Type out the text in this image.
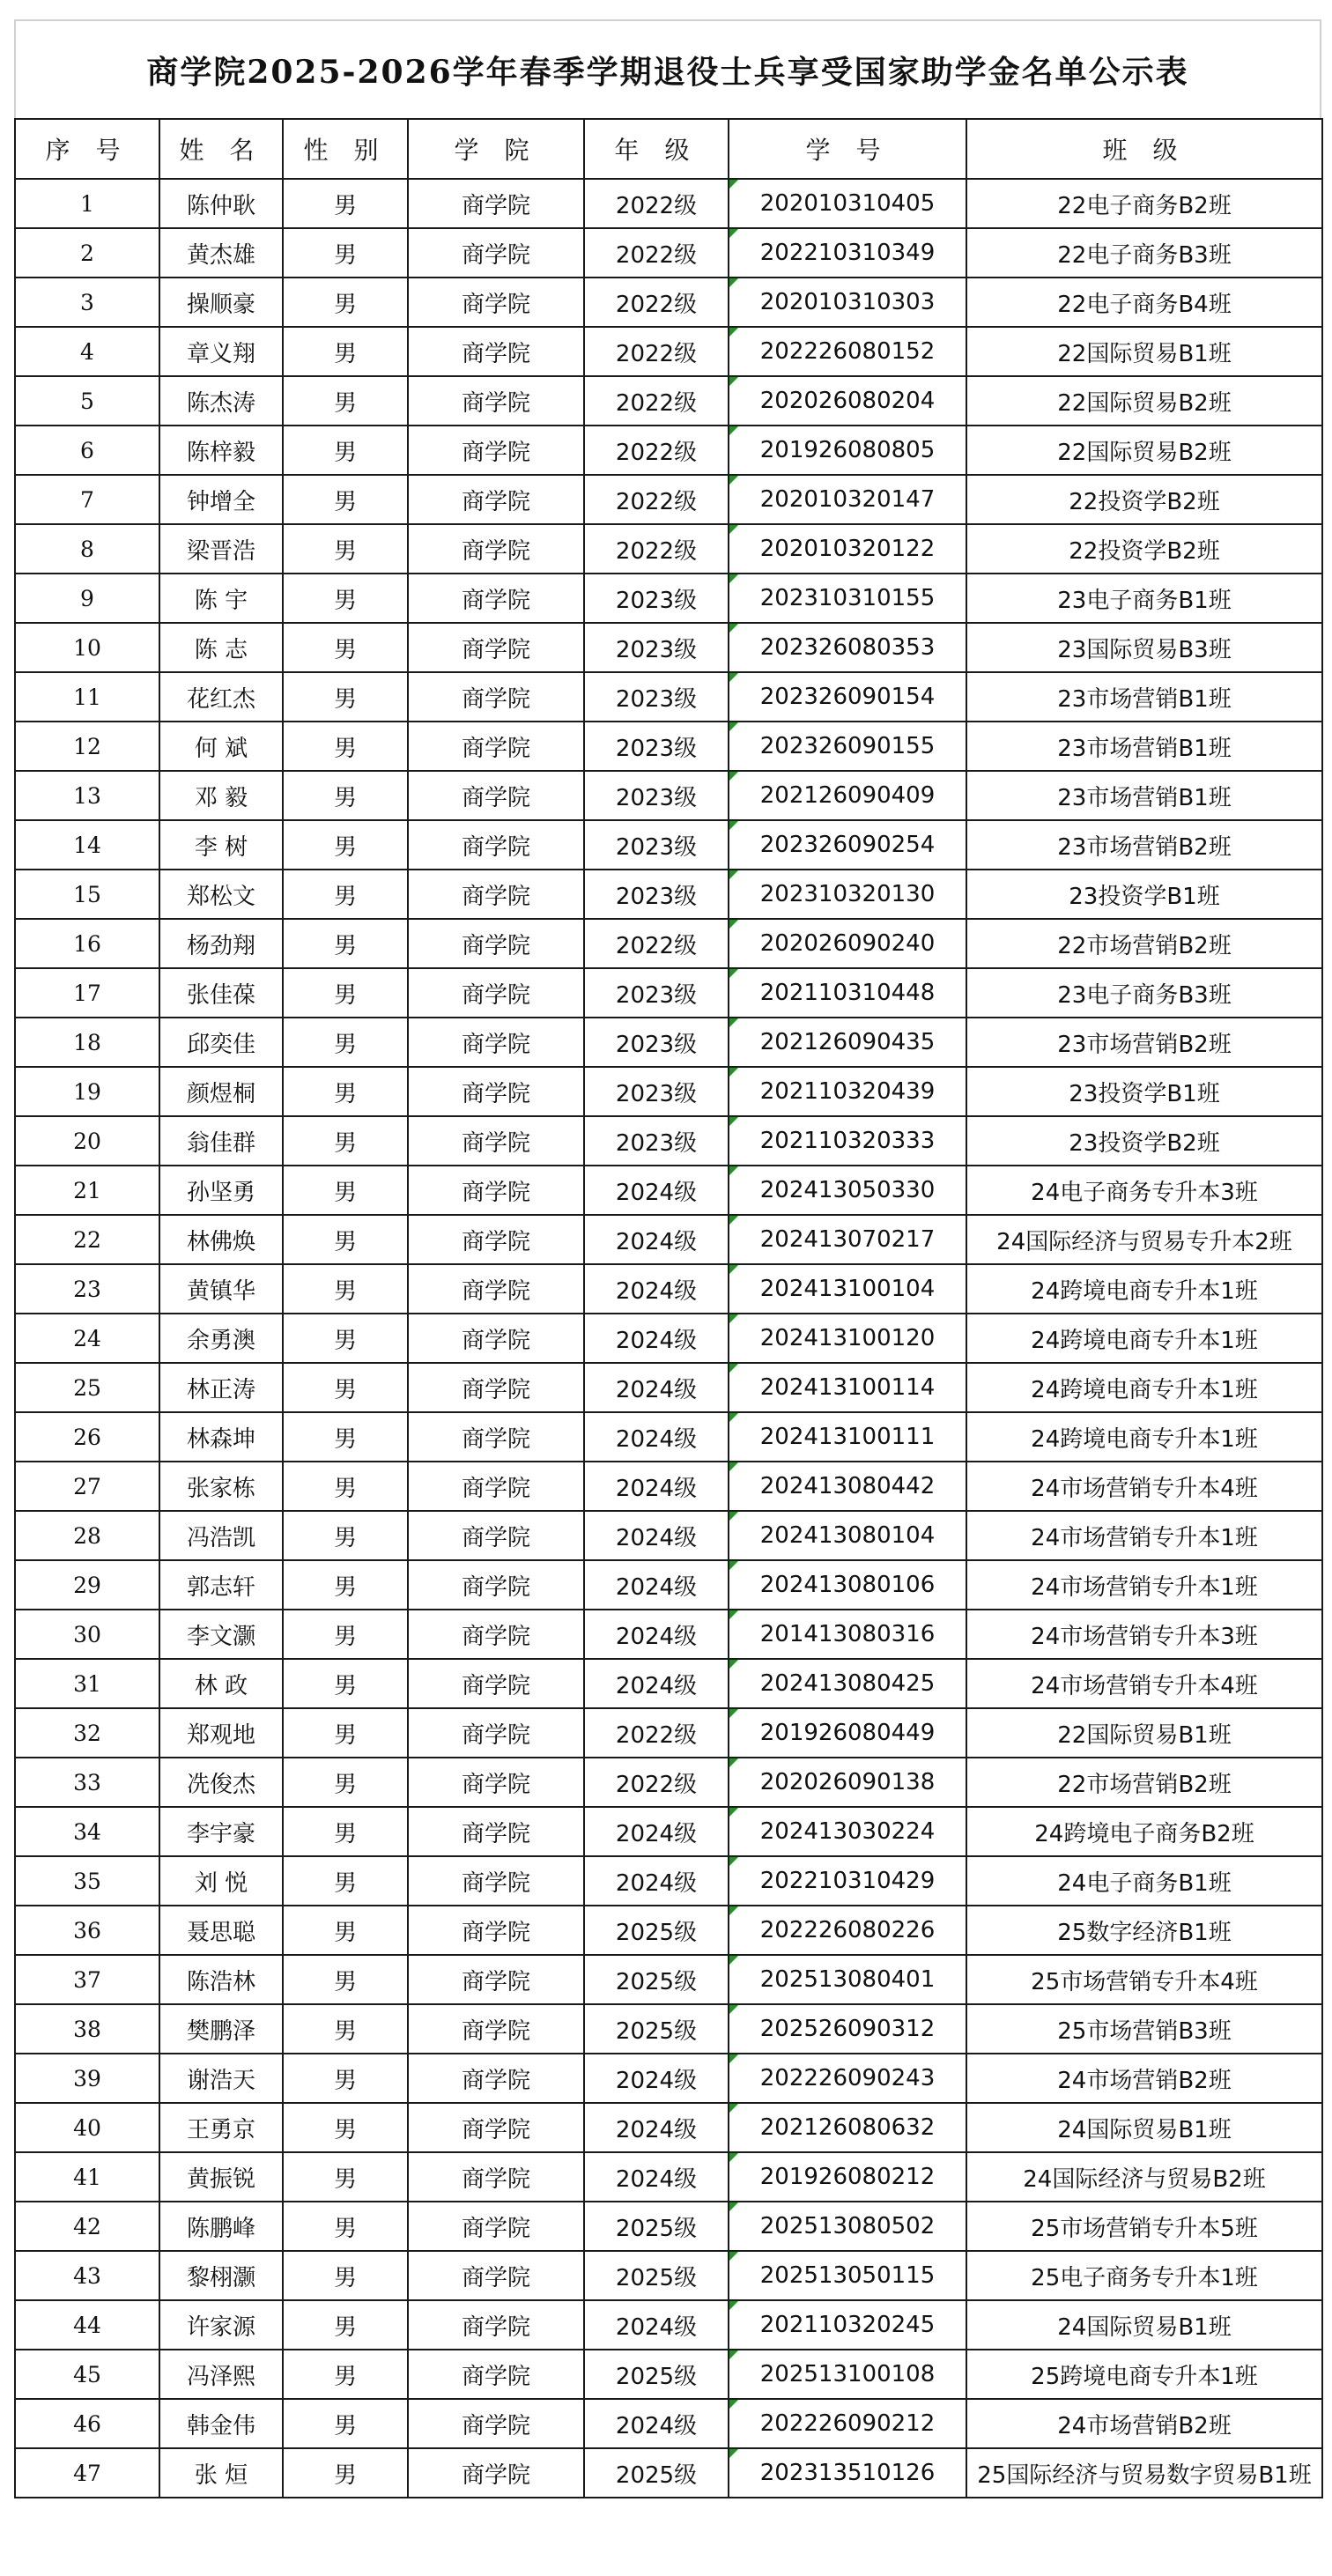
商学院2025-2026学年春季学期退役士兵享受国家助学金名单公示表
序 号	姓 名	性 别	学 院	年 级	学 号	班 级
1	陈仲耿	男	商学院	2022级	202010310405	22电子商务B2班
2	黄杰雄	男	商学院	2022级	202210310349	22电子商务B3班
3	操顺豪	男	商学院	2022级	202010310303	22电子商务B4班
4	章义翔	男	商学院	2022级	202226080152	22国际贸易B1班
5	陈杰涛	男	商学院	2022级	202026080204	22国际贸易B2班
6	陈梓毅	男	商学院	2022级	201926080805	22国际贸易B2班
7	钟增全	男	商学院	2022级	202010320147	22投资学B2班
8	梁晋浩	男	商学院	2022级	202010320122	22投资学B2班
9	陈 宇	男	商学院	2023级	202310310155	23电子商务B1班
10	陈 志	男	商学院	2023级	202326080353	23国际贸易B3班
11	花红杰	男	商学院	2023级	202326090154	23市场营销B1班
12	何 斌	男	商学院	2023级	202326090155	23市场营销B1班
13	邓 毅	男	商学院	2023级	202126090409	23市场营销B1班
14	李 树	男	商学院	2023级	202326090254	23市场营销B2班
15	郑松文	男	商学院	2023级	202310320130	23投资学B1班
16	杨劲翔	男	商学院	2022级	202026090240	22市场营销B2班
17	张佳葆	男	商学院	2023级	202110310448	23电子商务B3班
18	邱奕佳	男	商学院	2023级	202126090435	23市场营销B2班
19	颜煜桐	男	商学院	2023级	202110320439	23投资学B1班
20	翁佳群	男	商学院	2023级	202110320333	23投资学B2班
21	孙坚勇	男	商学院	2024级	202413050330	24电子商务专升本3班
22	林佛焕	男	商学院	2024级	202413070217	24国际经济与贸易专升本2班
23	黄镇华	男	商学院	2024级	202413100104	24跨境电商专升本1班
24	余勇澳	男	商学院	2024级	202413100120	24跨境电商专升本1班
25	林正涛	男	商学院	2024级	202413100114	24跨境电商专升本1班
26	林森坤	男	商学院	2024级	202413100111	24跨境电商专升本1班
27	张家栋	男	商学院	2024级	202413080442	24市场营销专升本4班
28	冯浩凯	男	商学院	2024级	202413080104	24市场营销专升本1班
29	郭志轩	男	商学院	2024级	202413080106	24市场营销专升本1班
30	李文灏	男	商学院	2024级	201413080316	24市场营销专升本3班
31	林 政	男	商学院	2024级	202413080425	24市场营销专升本4班
32	郑观地	男	商学院	2022级	201926080449	22国际贸易B1班
33	冼俊杰	男	商学院	2022级	202026090138	22市场营销B2班
34	李宇豪	男	商学院	2024级	202413030224	24跨境电子商务B2班
35	刘 悦	男	商学院	2024级	202210310429	24电子商务B1班
36	聂思聪	男	商学院	2025级	202226080226	25数字经济B1班
37	陈浩林	男	商学院	2025级	202513080401	25市场营销专升本4班
38	樊鹏泽	男	商学院	2025级	202526090312	25市场营销B3班
39	谢浩天	男	商学院	2024级	202226090243	24市场营销B2班
40	王勇京	男	商学院	2024级	202126080632	24国际贸易B1班
41	黄振锐	男	商学院	2024级	201926080212	24国际经济与贸易B2班
42	陈鹏峰	男	商学院	2025级	202513080502	25市场营销专升本5班
43	黎栩灏	男	商学院	2025级	202513050115	25电子商务专升本1班
44	许家源	男	商学院	2024级	202110320245	24国际贸易B1班
45	冯泽熙	男	商学院	2025级	202513100108	25跨境电商专升本1班
46	韩金伟	男	商学院	2024级	202226090212	24市场营销B2班
47	张 烜	男	商学院	2025级	202313510126	25国际经济与贸易数字贸易B1班
